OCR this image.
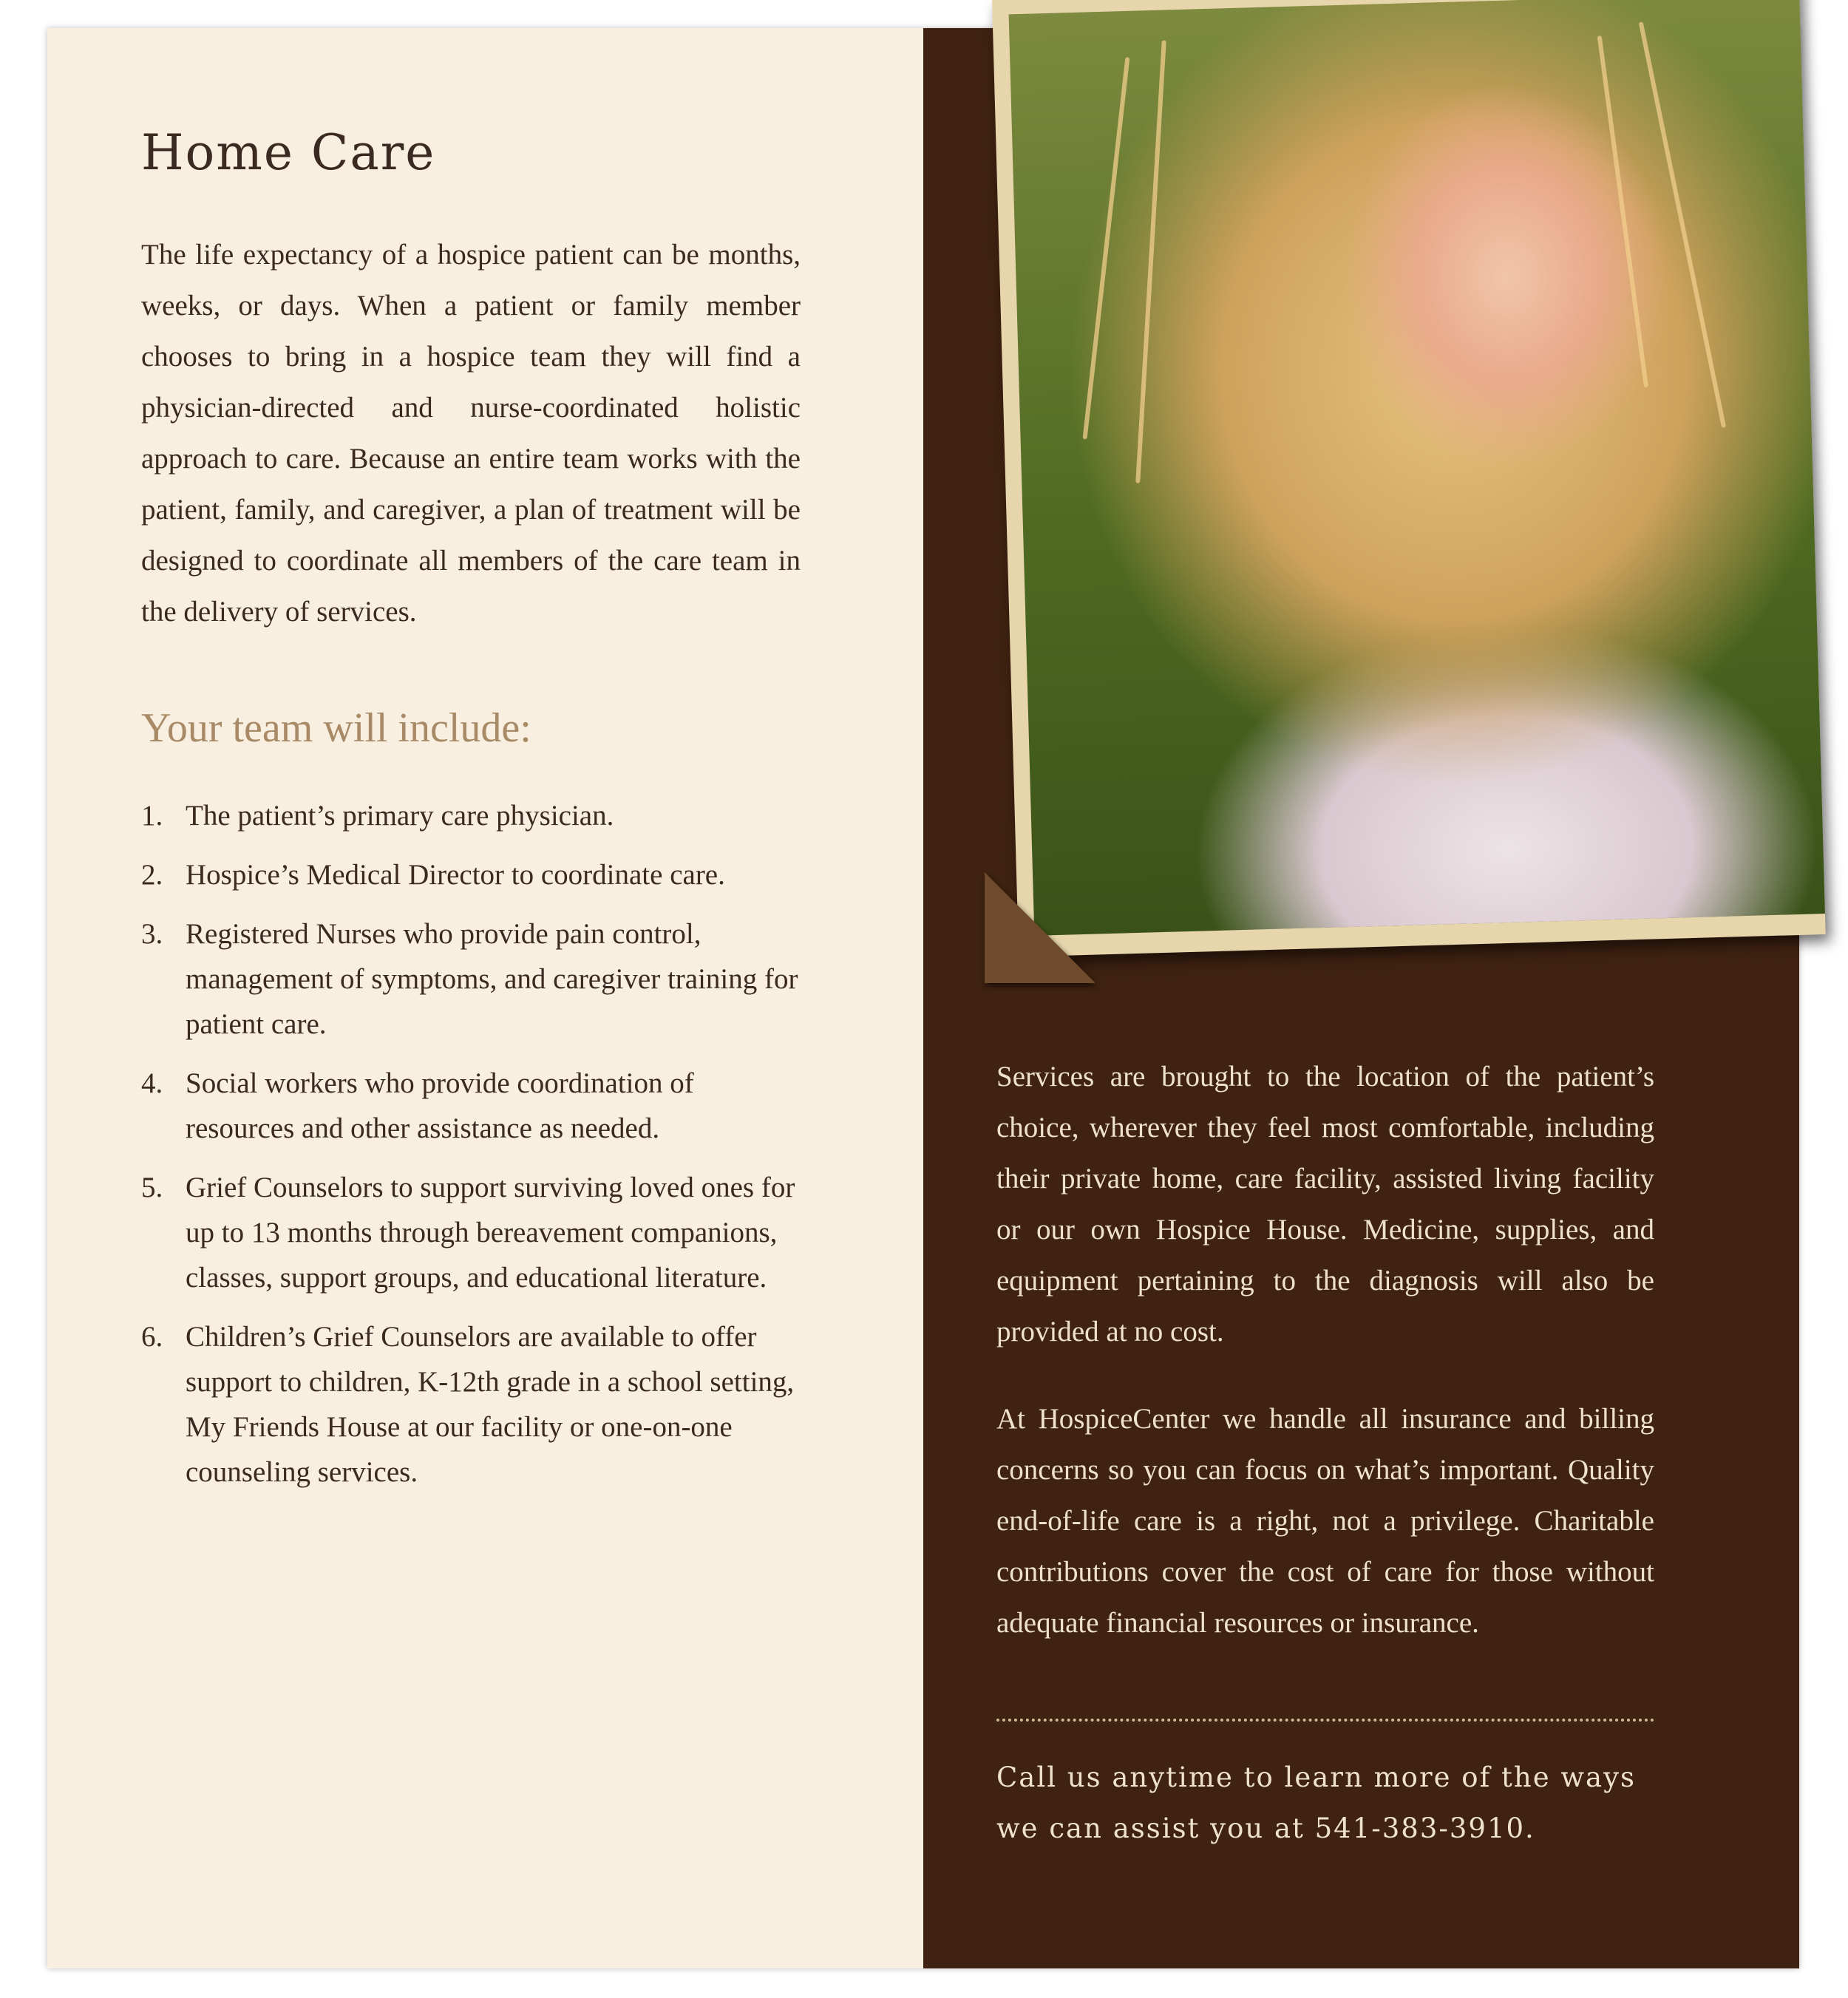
Home Care

The life expectancy of a hospice patient can be months, weeks, or days. When a patient or family member chooses to bring in a hospice team they will find a physician-directed and nurse-coordinated holistic approach to care. Because an entire team works with the patient, family, and caregiver, a plan of treatment will be designed to coordinate all members of the care team in the delivery of services.

Your team will include:
1. The patient’s primary care physician.
2. Hospice’s Medical Director to coordinate care.
3. Registered Nurses who provide pain control, management of symptoms, and caregiver training for patient care.
4. Social workers who provide coordination of resources and other assistance as needed.
5. Grief Counselors to support surviving loved ones for up to 13 months through bereavement companions, classes, support groups, and educational literature.
6. Children’s Grief Counselors are available to offer support to children, K-12th grade in a school setting, My Friends House at our facility or one-on-one counseling services.

Services are brought to the location of the patient’s choice, wherever they feel most comfortable, including their private home, care facility, assisted living facility or our own Hospice House. Medicine, supplies, and equipment pertaining to the diagnosis will also be provided at no cost.

At HospiceCenter we handle all insurance and billing concerns so you can focus on what’s important. Quality end-of-life care is a right, not a privilege. Charitable contributions cover the cost of care for those without adequate financial resources or insurance.

Call us anytime to learn more of the ways we can assist you at 541-383-3910.
